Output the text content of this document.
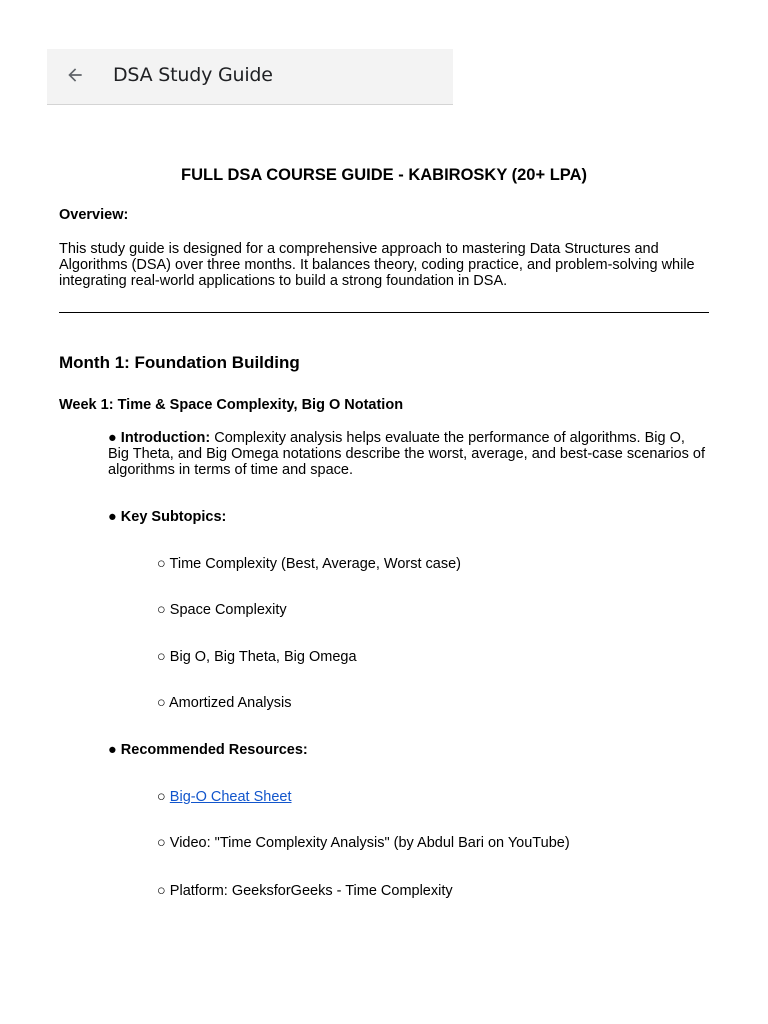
DSA Study Guide
FULL DSA COURSE GUIDE - KABIROSKY (20+ LPA)
Overview:
This study guide is designed for a comprehensive approach to mastering Data Structures and Algorithms (DSA) over three months. It balances theory, coding practice, and problem-solving while integrating real-world applications to build a strong foundation in DSA.
Month 1: Foundation Building
Week 1: Time & Space Complexity, Big O Notation
● Introduction: Complexity analysis helps evaluate the performance of algorithms. Big O, Big Theta, and Big Omega notations describe the worst, average, and best-case scenarios of algorithms in terms of time and space.
● Key Subtopics:
○ Time Complexity (Best, Average, Worst case)
○ Space Complexity
○ Big O, Big Theta, Big Omega
○ Amortized Analysis
● Recommended Resources:
○ Big-O Cheat Sheet
○ Video: "Time Complexity Analysis" (by Abdul Bari on YouTube)
○ Platform: GeeksforGeeks - Time Complexity
